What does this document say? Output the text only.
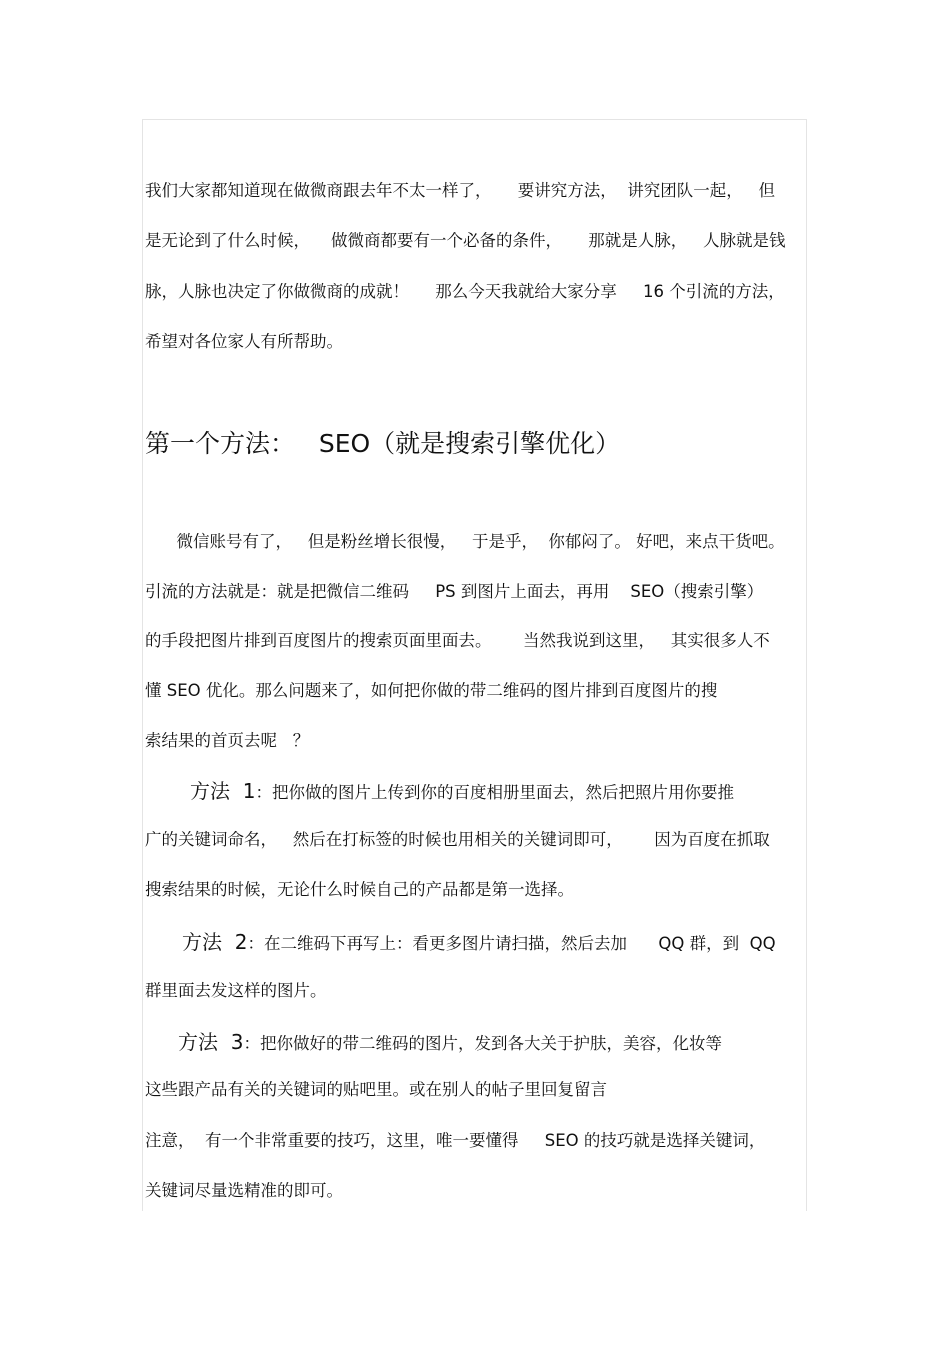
我们大家都知道现在做微商跟去年不太一样了，     要讲究方法，  讲究团队一起，   但
是无论到了什么时候，    做微商都要有一个必备的条件，     那就是人脉，   人脉就是钱
脉，人脉也决定了你做微商的成就！     那么今天我就给大家分享     16 个引流的方法，
希望对各位家人有所帮助。
第一个方法：   SEO（就是搜索引擎优化）
微信账号有了，   但是粉丝增长很慢，   于是乎，  你郁闷了。 好吧，来点干货吧。
引流的方法就是：就是把微信二维码     PS 到图片上面去，再用    SEO（搜索引擎）
的手段把图片排到百度图片的搜索页面里面去。      当然我说到这里，   其实很多人不
懂 SEO 优化。那么问题来了，如何把你做的带二维码的图片排到百度图片的搜
索结果的首页去呢   ？
方法  1：把你做的图片上传到你的百度相册里面去，然后把照片用你要推
广的关键词命名，   然后在打标签的时候也用相关的关键词即可，      因为百度在抓取
搜索结果的时候，无论什么时候自己的产品都是第一选择。
方法  2：在二维码下再写上：看更多图片请扫描，然后去加      QQ 群，到  QQ
群里面去发这样的图片。
方法  3：把你做好的带二维码的图片，发到各大关于护肤，美容，化妆等
这些跟产品有关的关键词的贴吧里。或在别人的帖子里回复留言
注意，  有一个非常重要的技巧，这里，唯一要懂得     SEO 的技巧就是选择关键词，
关键词尽量选精准的即可。
